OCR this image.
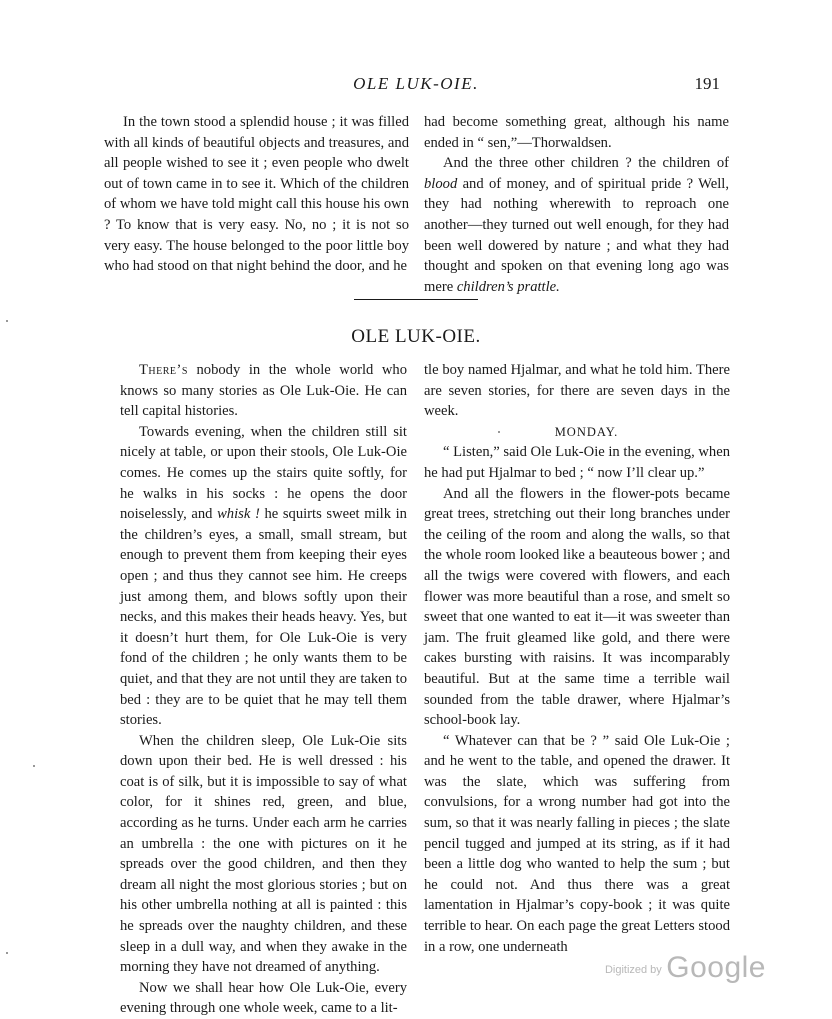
OLE LUK-OIE.	191

In the town stood a splendid house ; it was filled with all kinds of beautiful objects and treasures, and all people wished to see it ; even people who dwelt out of town came in to see it. Which of the children of whom we have told might call this house his own ? To know that is very easy. No, no ; it is not so very easy. The house belonged to the poor little boy who had stood on that night behind the door, and he

had become something great, although his name ended in “ sen,”—Thorwaldsen.

And the three other children ? the children of blood and of money, and of spiritual pride ? Well, they had nothing wherewith to reproach one another—they turned out well enough, for they had been well dowered by nature ; and what they had thought and spoken on that evening long ago was mere children’s prattle.

OLE LUK-OIE.

There’s nobody in the whole world who knows so many stories as Ole Luk-Oie. He can tell capital histories.

Towards evening, when the children still sit nicely at table, or upon their stools, Ole Luk-Oie comes. He comes up the stairs quite softly, for he walks in his socks : he opens the door noiselessly, and whisk ! he squirts sweet milk in the children’s eyes, a small, small stream, but enough to prevent them from keeping their eyes open ; and thus they cannot see him. He creeps just among them, and blows softly upon their necks, and this makes their heads heavy. Yes, but it doesn’t hurt them, for Ole Luk-Oie is very fond of the children ; he only wants them to be quiet, and that they are not until they are taken to bed : they are to be quiet that he may tell them stories.

When the children sleep, Ole Luk-Oie sits down upon their bed. He is well dressed : his coat is of silk, but it is impossible to say of what color, for it shines red, green, and blue, according as he turns. Under each arm he carries an umbrella : the one with pictures on it he spreads over the good children, and then they dream all night the most glorious stories ; but on his other umbrella nothing at all is painted : this he spreads over the naughty children, and these sleep in a dull way, and when they awake in the morning they have not dreamed of anything.

Now we shall hear how Ole Luk-Oie, every evening through one whole week, came to a lit-

tle boy named Hjalmar, and what he told him. There are seven stories, for there are seven days in the week.

MONDAY.

“ Listen,” said Ole Luk-Oie in the evening, when he had put Hjalmar to bed ; “ now I’ll clear up.”

And all the flowers in the flower-pots became great trees, stretching out their long branches under the ceiling of the room and along the walls, so that the whole room looked like a beauteous bower ; and all the twigs were covered with flowers, and each flower was more beautiful than a rose, and smelt so sweet that one wanted to eat it—it was sweeter than jam. The fruit gleamed like gold, and there were cakes bursting with raisins. It was incomparably beautiful. But at the same time a terrible wail sounded from the table drawer, where Hjalmar’s school-book lay.

“ Whatever can that be ? ” said Ole Luk-Oie ; and he went to the table, and opened the drawer. It was the slate, which was suffering from convulsions, for a wrong number had got into the sum, so that it was nearly falling in pieces ; the slate pencil tugged and jumped at its string, as if it had been a little dog who wanted to help the sum ; but he could not. And thus there was a great lamentation in Hjalmar’s copy-book ; it was quite terrible to hear. On each page the great Letters stood in a row, one underneath

$^{Digitized by}$ Google
